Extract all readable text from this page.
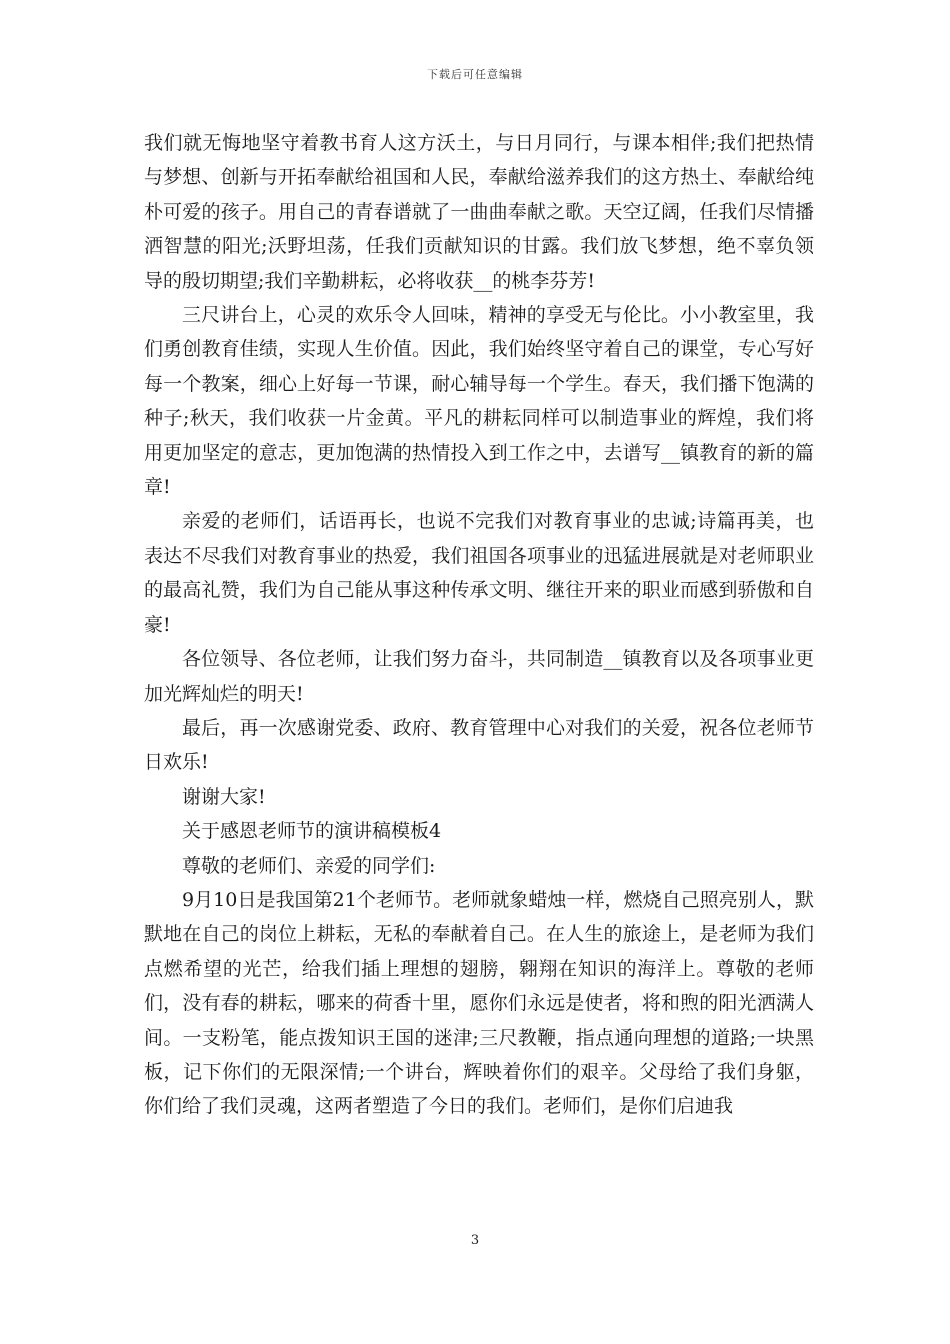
下载后可任意编辑

我们就无悔地坚守着教书育人这方沃土，与日月同行，与课本相伴;我们把热情与梦想、创新与开拓奉献给祖国和人民，奉献给滋养我们的这方热土、奉献给纯朴可爱的孩子。用自己的青春谱就了一曲曲奉献之歌。天空辽阔，任我们尽情播洒智慧的阳光;沃野坦荡，任我们贡献知识的甘露。我们放飞梦想，绝不辜负领导的殷切期望;我们辛勤耕耘，必将收获__的桃李芬芳!

三尺讲台上，心灵的欢乐令人回味，精神的享受无与伦比。小小教室里，我们勇创教育佳绩，实现人生价值。因此，我们始终坚守着自己的课堂，专心写好每一个教案，细心上好每一节课，耐心辅导每一个学生。春天，我们播下饱满的种子;秋天，我们收获一片金黄。平凡的耕耘同样可以制造事业的辉煌，我们将用更加坚定的意志，更加饱满的热情投入到工作之中，去谱写__镇教育的新的篇章!

亲爱的老师们，话语再长，也说不完我们对教育事业的忠诚;诗篇再美，也表达不尽我们对教育事业的热爱，我们祖国各项事业的迅猛进展就是对老师职业的最高礼赞，我们为自己能从事这种传承文明、继往开来的职业而感到骄傲和自豪!

各位领导、各位老师，让我们努力奋斗，共同制造__镇教育以及各项事业更加光辉灿烂的明天!

最后，再一次感谢党委、政府、教育管理中心对我们的关爱，祝各位老师节日欢乐!

谢谢大家!

关于感恩老师节的演讲稿模板4

尊敬的老师们、亲爱的同学们:

9月10日是我国第21个老师节。老师就象蜡烛一样，燃烧自己照亮别人，默默地在自己的岗位上耕耘，无私的奉献着自己。在人生的旅途上，是老师为我们点燃希望的光芒，给我们插上理想的翅膀，翱翔在知识的海洋上。尊敬的老师们，没有春的耕耘，哪来的荷香十里，愿你们永远是使者，将和煦的阳光洒满人间。一支粉笔，能点拨知识王国的迷津;三尺教鞭，指点通向理想的道路;一块黑板，记下你们的无限深情;一个讲台，辉映着你们的艰辛。父母给了我们身躯，你们给了我们灵魂，这两者塑造了今日的我们。老师们，是你们启迪我

3
